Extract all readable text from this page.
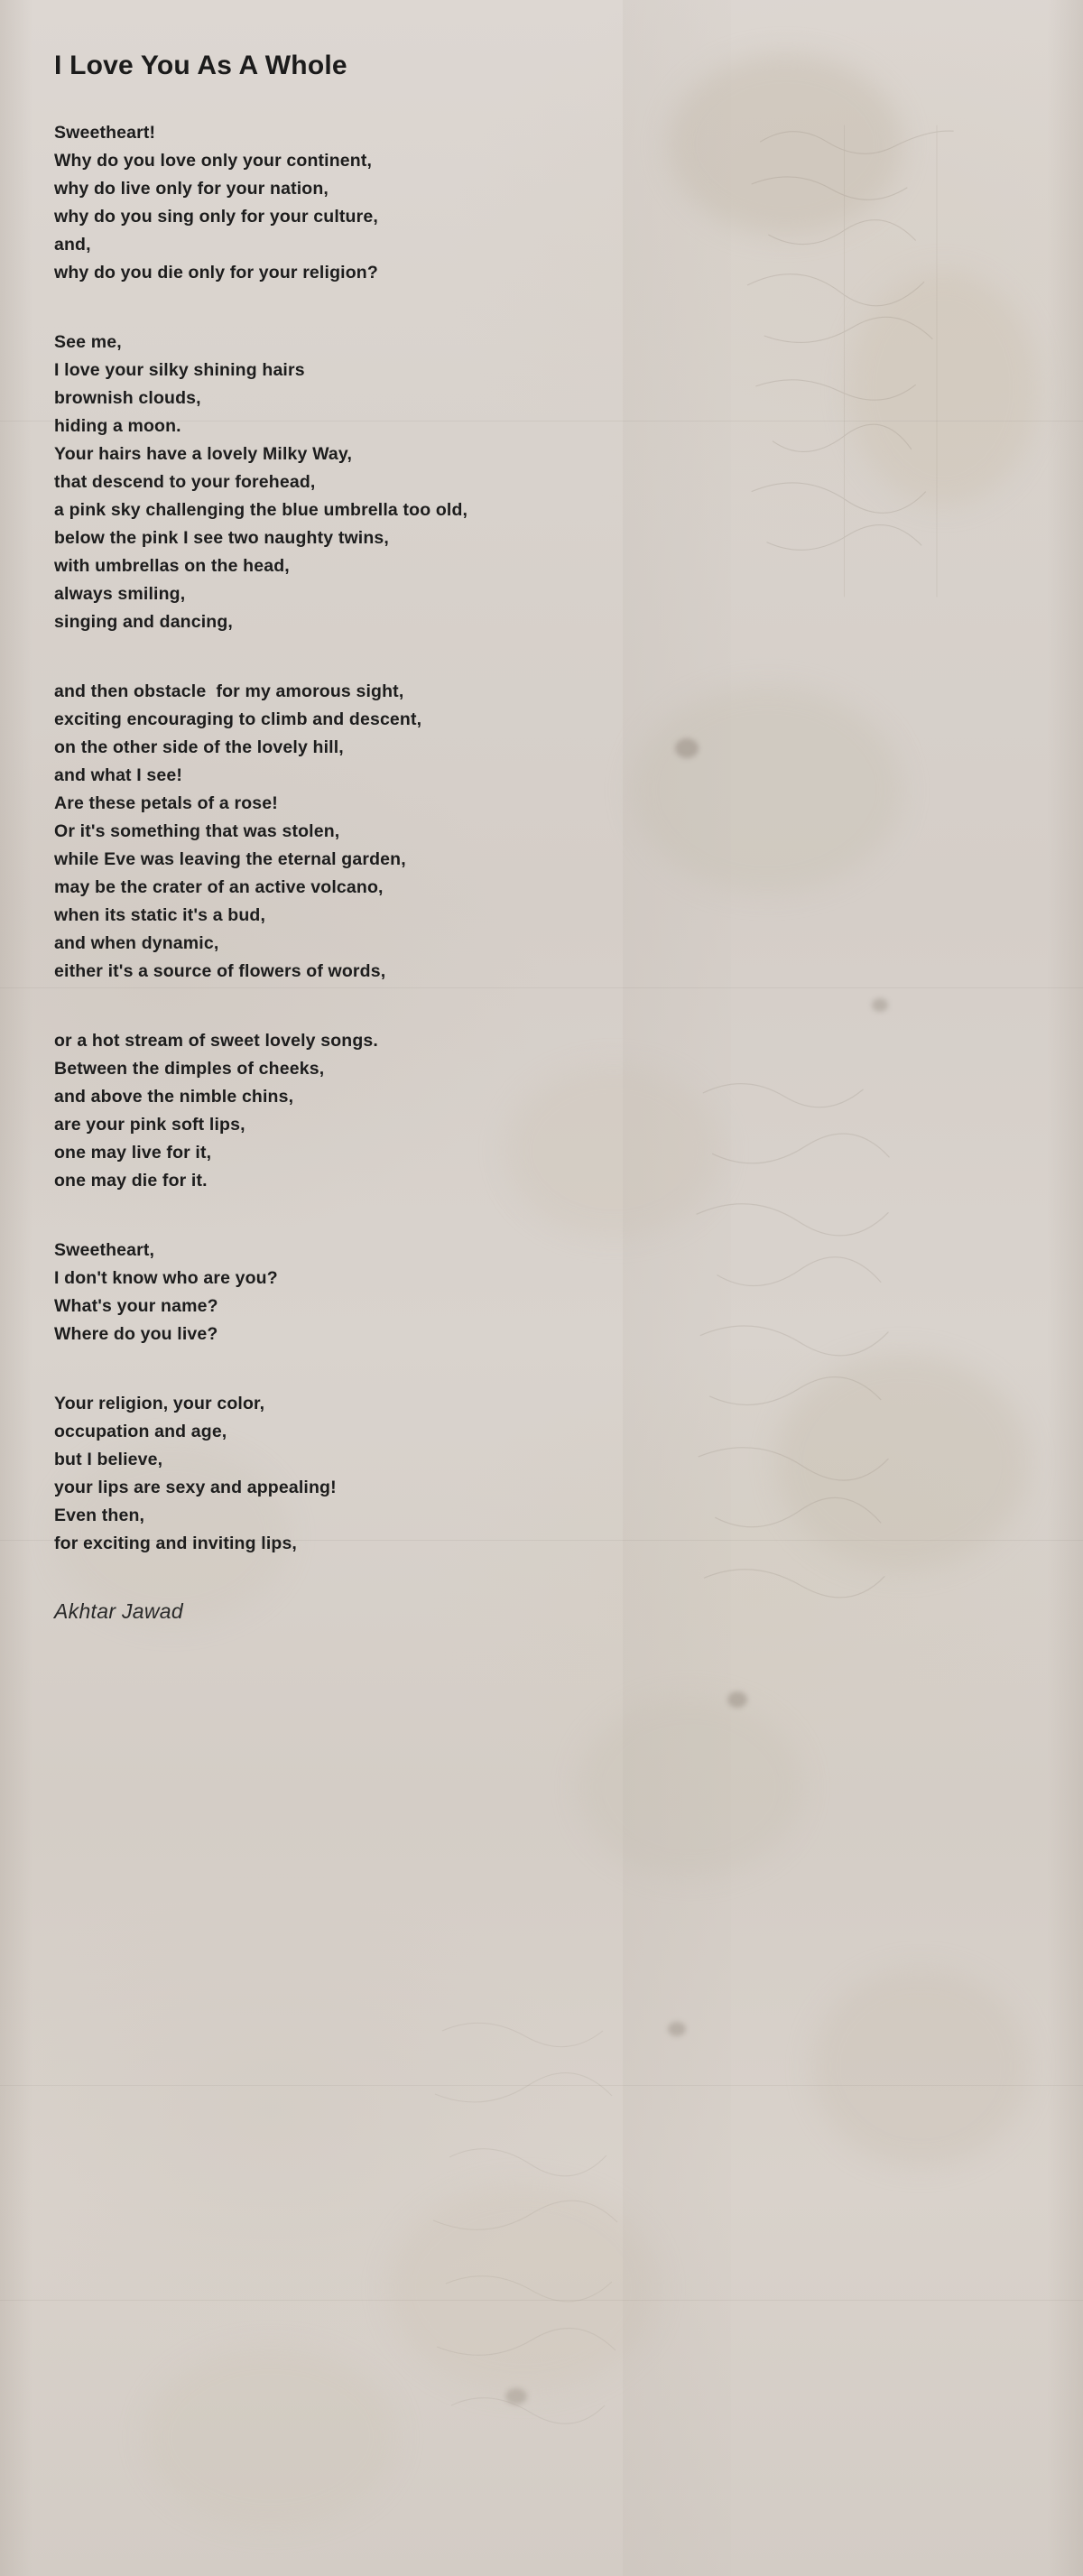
I Love You As A Whole
Sweetheart!
Why do you love only your continent,
why do live only for your nation,
why do you sing only for your culture,
and,
why do you die only for your religion?
See me,
I love your silky shining hairs
brownish clouds,
hiding a moon.
Your hairs have a lovely Milky Way,
that descend to your forehead,
a pink sky challenging the blue umbrella too old,
below the pink I see two naughty twins,
with umbrellas on the head,
always smiling,
singing and dancing,
and then obstacle  for my amorous sight,
exciting encouraging to climb and descent,
on the other side of the lovely hill,
and what I see!
Are these petals of a rose!
Or it's something that was stolen,
while Eve was leaving the eternal garden,
may be the crater of an active volcano,
when its static it's a bud,
and when dynamic,
either it's a source of flowers of words,
or a hot stream of sweet lovely songs.
Between the dimples of cheeks,
and above the nimble chins,
are your pink soft lips,
one may live for it,
one may die for it.
Sweetheart,
I don't know who are you?
What's your name?
Where do you live?
Your religion, your color,
occupation and age,
but I believe,
your lips are sexy and appealing!
Even then,
for exciting and inviting lips,
Akhtar Jawad
